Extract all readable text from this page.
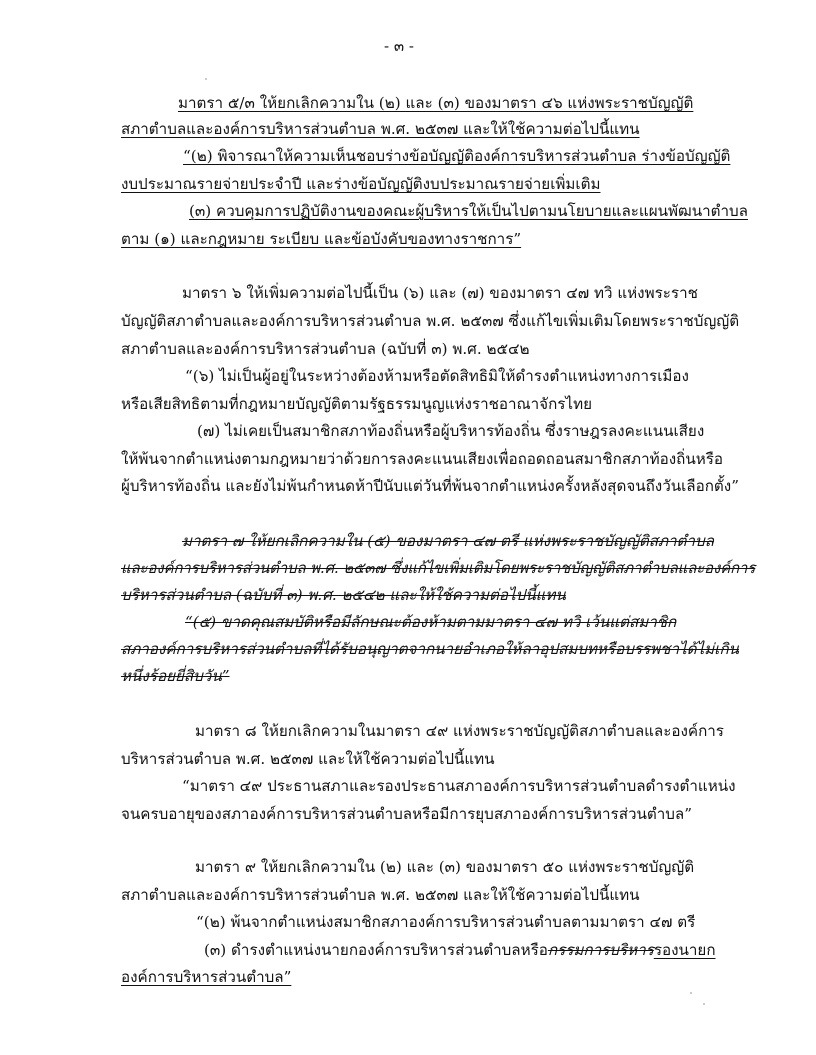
- ๓ -
มาตรา ๕/๓ ให้ยกเลิกความใน (๒) และ (๓) ของมาตรา ๔๖ แห่งพระราชบัญญัติ
สภาตำบลและองค์การบริหารส่วนตำบล พ.ศ. ๒๕๓๗ และให้ใช้ความต่อไปนี้แทน
“(๒) พิจารณาให้ความเห็นชอบร่างข้อบัญญัติองค์การบริหารส่วนตำบล ร่างข้อบัญญัติ
งบประมาณรายจ่ายประจำปี และร่างข้อบัญญัติงบประมาณรายจ่ายเพิ่มเติม
(๓) ควบคุมการปฏิบัติงานของคณะผู้บริหารให้เป็นไปตามนโยบายและแผนพัฒนาตำบล
ตาม (๑) และกฎหมาย ระเบียบ และข้อบังคับของทางราชการ”
มาตรา ๖ ให้เพิ่มความต่อไปนี้เป็น (๖) และ (๗) ของมาตรา ๔๗ ทวิ แห่งพระราช
บัญญัติสภาตำบลและองค์การบริหารส่วนตำบล พ.ศ. ๒๕๓๗ ซึ่งแก้ไขเพิ่มเติมโดยพระราชบัญญัติ
สภาตำบลและองค์การบริหารส่วนตำบล (ฉบับที่ ๓) พ.ศ. ๒๕๔๒
“(๖) ไม่เป็นผู้อยู่ในระหว่างต้องห้ามหรือตัดสิทธิมิให้ดำรงตำแหน่งทางการเมือง
หรือเสียสิทธิตามที่กฎหมายบัญญัติตามรัฐธรรมนูญแห่งราชอาณาจักรไทย
(๗) ไม่เคยเป็นสมาชิกสภาท้องถิ่นหรือผู้บริหารท้องถิ่น ซึ่งราษฎรลงคะแนนเสียง
ให้พ้นจากตำแหน่งตามกฎหมายว่าด้วยการลงคะแนนเสียงเพื่อถอดถอนสมาชิกสภาท้องถิ่นหรือ
ผู้บริหารท้องถิ่น และยังไม่พ้นกำหนดห้าปีนับแต่วันที่พ้นจากตำแหน่งครั้งหลังสุดจนถึงวันเลือกตั้ง”
มาตรา ๗ ให้ยกเลิกความใน (๕) ของมาตรา ๔๗ ตรี แห่งพระราชบัญญัติสภาตำบล
และองค์การบริหารส่วนตำบล พ.ศ. ๒๕๓๗ ซึ่งแก้ไขเพิ่มเติมโดยพระราชบัญญัติสภาตำบลและองค์การ
บริหารส่วนตำบล (ฉบับที่ ๓) พ.ศ. ๒๕๔๒ และให้ใช้ความต่อไปนี้แทน
“(๕) ขาดคุณสมบัติหรือมีลักษณะต้องห้ามตามมาตรา ๔๗ ทวิ เว้นแต่สมาชิก
สภาองค์การบริหารส่วนตำบลที่ได้รับอนุญาตจากนายอำเภอให้ลาอุปสมบทหรือบรรพชาได้ไม่เกิน
หนึ่งร้อยยี่สิบวัน”
มาตรา ๘ ให้ยกเลิกความในมาตรา ๔๙ แห่งพระราชบัญญัติสภาตำบลและองค์การ
บริหารส่วนตำบล พ.ศ. ๒๕๓๗ และให้ใช้ความต่อไปนี้แทน
“มาตรา ๔๙ ประธานสภาและรองประธานสภาองค์การบริหารส่วนตำบลดำรงตำแหน่ง
จนครบอายุของสภาองค์การบริหารส่วนตำบลหรือมีการยุบสภาองค์การบริหารส่วนตำบล”
มาตรา ๙ ให้ยกเลิกความใน (๒) และ (๓) ของมาตรา ๕๐ แห่งพระราชบัญญัติ
สภาตำบลและองค์การบริหารส่วนตำบล พ.ศ. ๒๕๓๗ และให้ใช้ความต่อไปนี้แทน
“(๒) พ้นจากตำแหน่งสมาชิกสภาองค์การบริหารส่วนตำบลตามมาตรา ๔๗ ตรี
(๓) ดำรงตำแหน่งนายกองค์การบริหารส่วนตำบลหรือกรรมการบริหารรองนายก
องค์การบริหารส่วนตำบล”
